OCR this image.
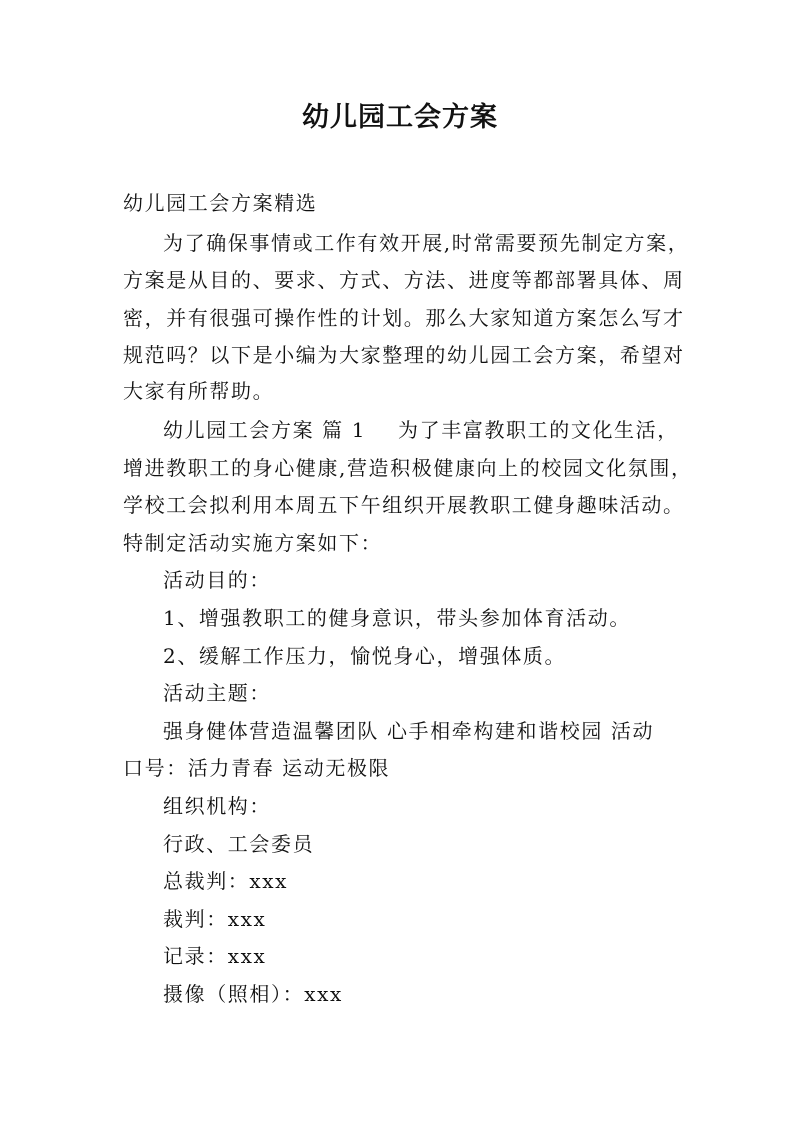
幼儿园工会方案
幼儿园工会方案精选
为了确保事情或工作有效开展,时常需要预先制定方案，
方案是从目的、要求、方式、方法、进度等都部署具体、周
密，并有很强可操作性的计划。那么大家知道方案怎么写才
规范吗？以下是小编为大家整理的幼儿园工会方案，希望对
大家有所帮助。
幼儿园工会方案 篇 1 为了丰富教职工的文化生活，
增进教职工的身心健康,营造积极健康向上的校园文化氛围，
学校工会拟利用本周五下午组织开展教职工健身趣味活动。
特制定活动实施方案如下：
活动目的：
1、增强教职工的健身意识，带头参加体育活动。
2、缓解工作压力，愉悦身心，增强体质。
活动主题：
强身健体营造温馨团队 心手相牵构建和谐校园 活动
口号：活力青春 运动无极限
组织机构：
行政、工会委员
总裁判：xxx
裁判：xxx
记录：xxx
摄像（照相）：xxx
